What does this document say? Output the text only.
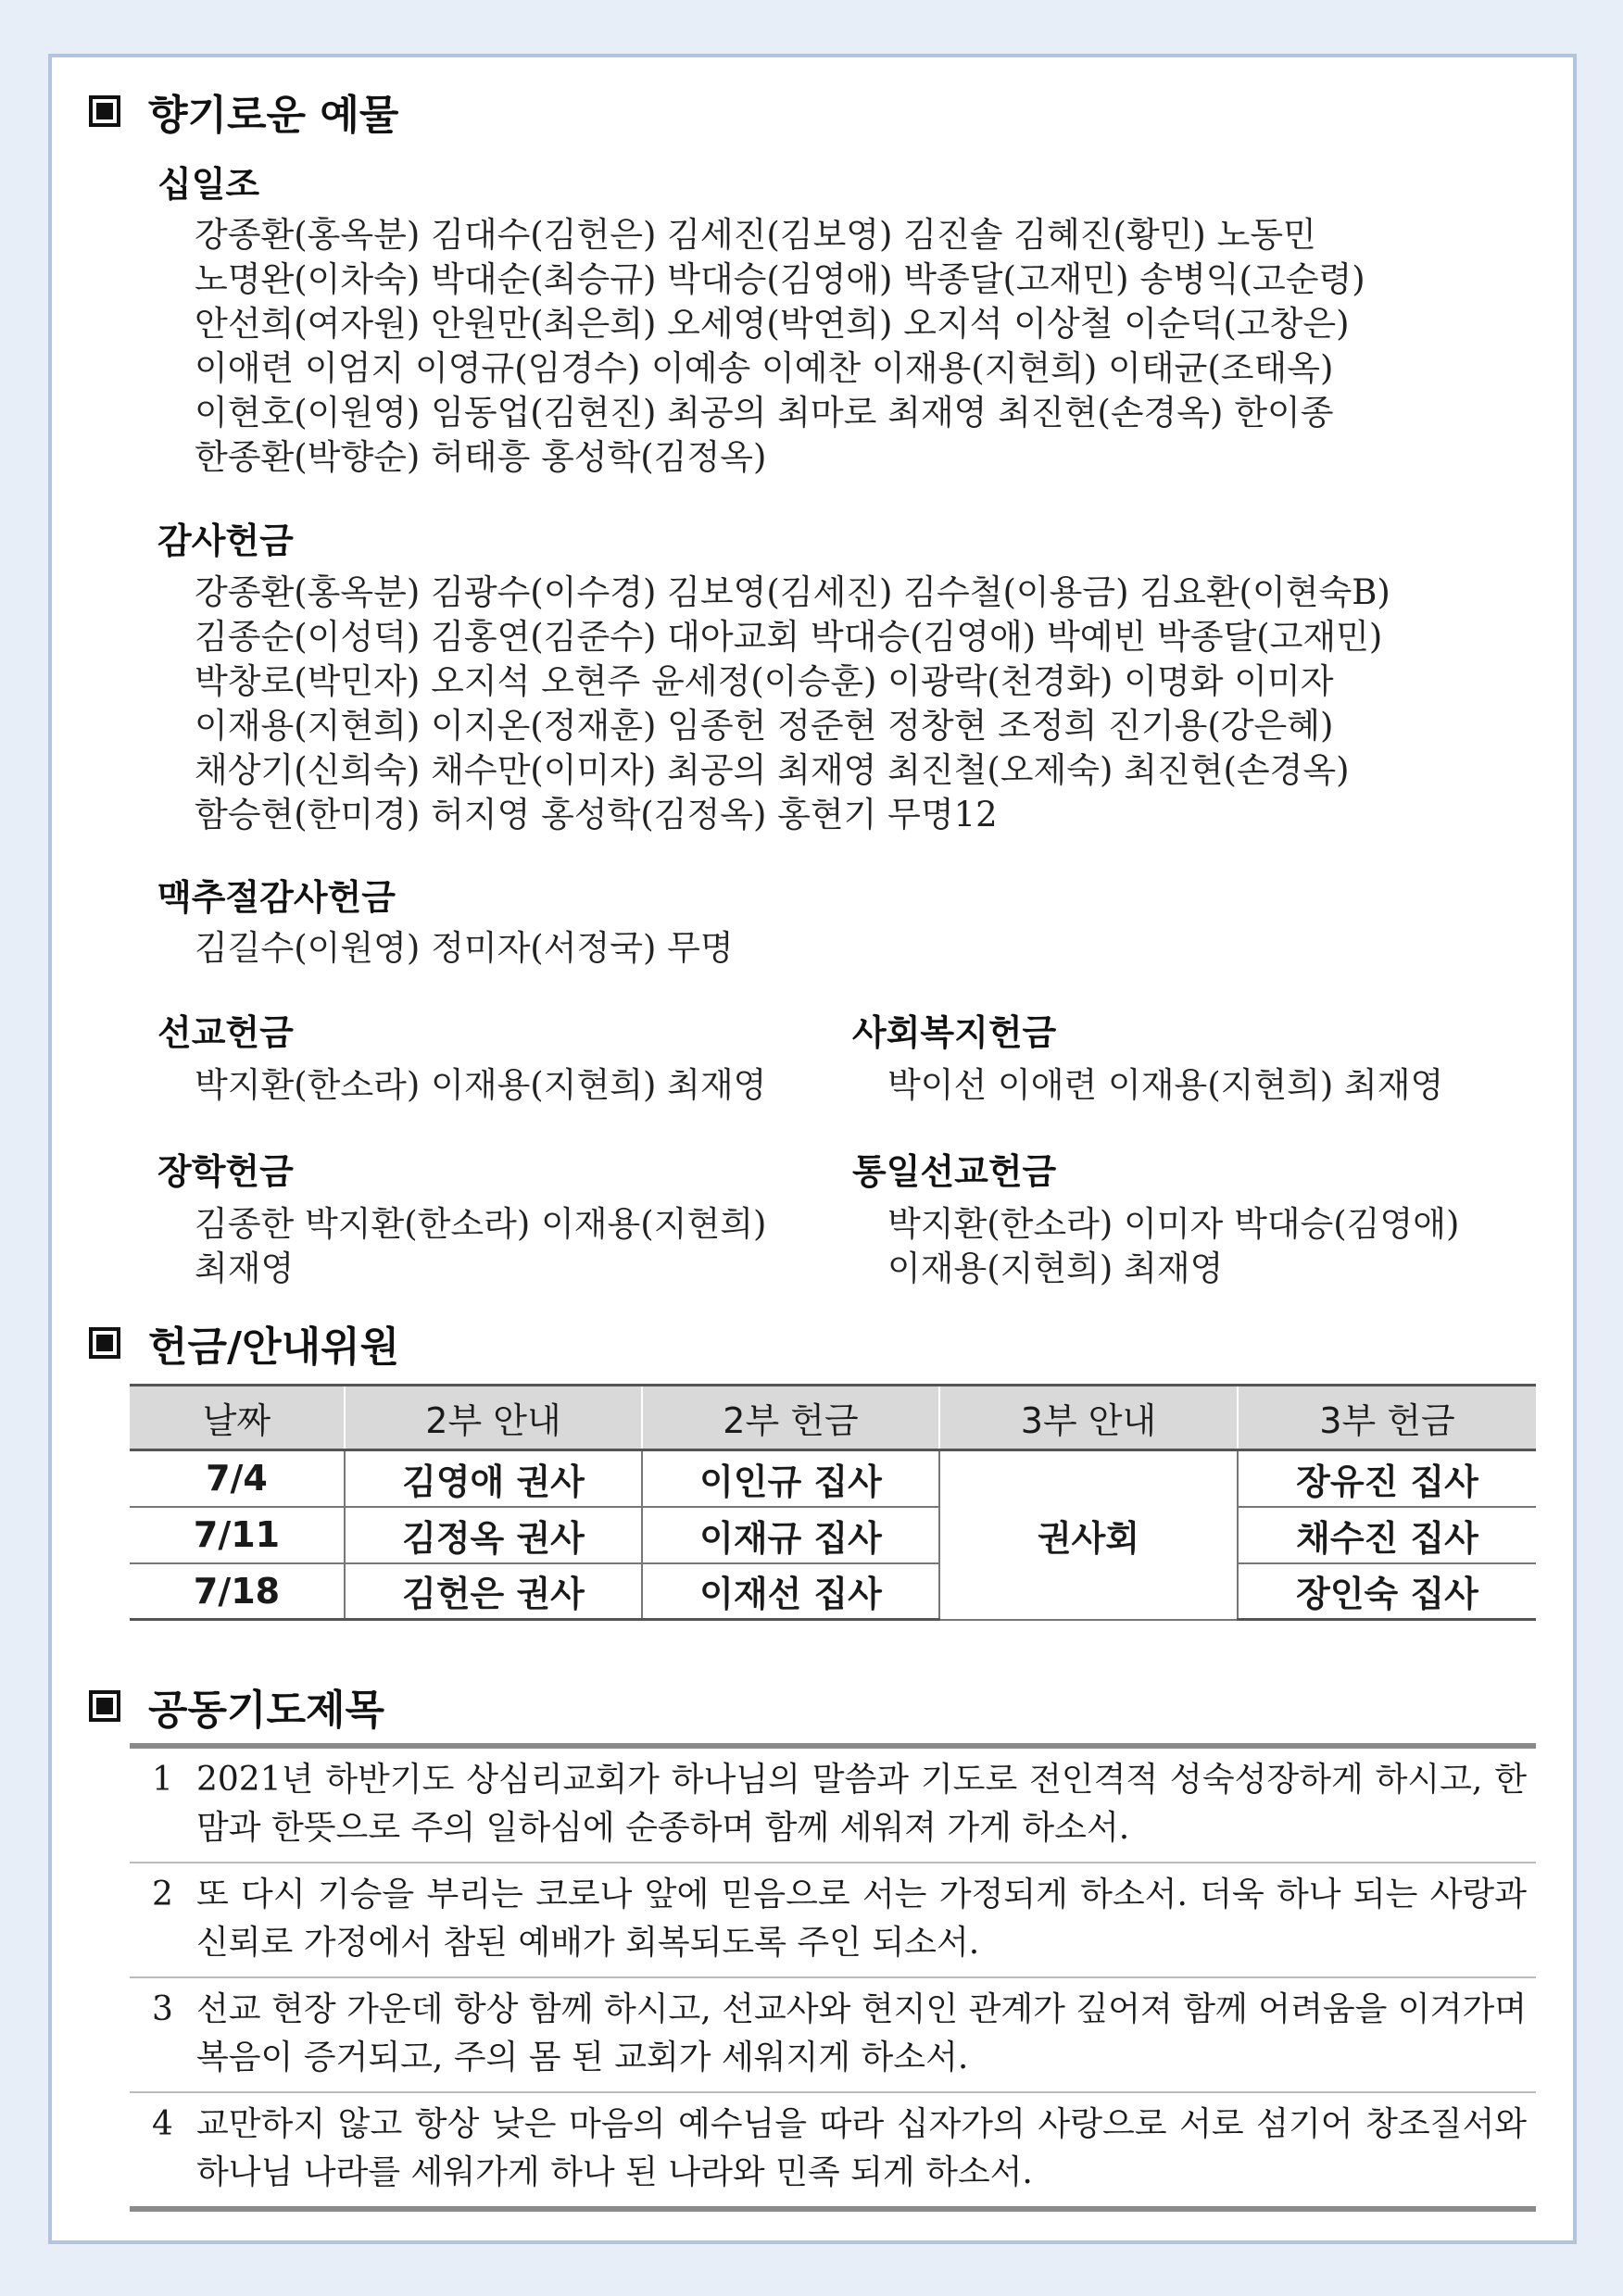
향기로운 예물
십일조
강종환(홍옥분) 김대수(김헌은) 김세진(김보영) 김진솔 김혜진(황민) 노동민
노명완(이차숙) 박대순(최승규) 박대승(김영애) 박종달(고재민) 송병익(고순령)
안선희(여자원) 안원만(최은희) 오세영(박연희) 오지석 이상철 이순덕(고창은)
이애련 이엄지 이영규(임경수) 이예송 이예찬 이재용(지현희) 이태균(조태옥)
이현호(이원영) 임동업(김현진) 최공의 최마로 최재영 최진현(손경옥) 한이종
한종환(박향순) 허태흥 홍성학(김정옥)
감사헌금
강종환(홍옥분) 김광수(이수경) 김보영(김세진) 김수철(이용금) 김요환(이현숙B)
김종순(이성덕) 김홍연(김준수) 대아교회 박대승(김영애) 박예빈 박종달(고재민)
박창로(박민자) 오지석 오현주 윤세정(이승훈) 이광락(천경화) 이명화 이미자
이재용(지현희) 이지온(정재훈) 임종헌 정준현 정창현 조정희 진기용(강은혜)
채상기(신희숙) 채수만(이미자) 최공의 최재영 최진철(오제숙) 최진현(손경옥)
함승현(한미경) 허지영 홍성학(김정옥) 홍현기 무명12
맥추절감사헌금
김길수(이원영) 정미자(서정국) 무명
선교헌금
박지환(한소라) 이재용(지현희) 최재영
사회복지헌금
박이선 이애련 이재용(지현희) 최재영
장학헌금
김종한 박지환(한소라) 이재용(지현희)
최재영
통일선교헌금
박지환(한소라) 이미자 박대승(김영애)
이재용(지현희) 최재영
헌금/안내위원
날짜	2부 안내	2부 헌금	3부 안내	3부 헌금
7/4	김영애 권사	이인규 집사	권사회	장유진 집사
7/11	김정옥 권사	이재규 집사		채수진 집사
7/18	김헌은 권사	이재선 집사		장인숙 집사
공동기도제목
1 2021년 하반기도 상심리교회가 하나님의 말씀과 기도로 전인격적 성숙성장하게 하시고, 한맘과 한뜻으로 주의 일하심에 순종하며 함께 세워져 가게 하소서.
2 또 다시 기승을 부리는 코로나 앞에 믿음으로 서는 가정되게 하소서. 더욱 하나 되는 사랑과 신뢰로 가정에서 참된 예배가 회복되도록 주인 되소서.
3 선교 현장 가운데 항상 함께 하시고, 선교사와 현지인 관계가 깊어져 함께 어려움을 이겨가며 복음이 증거되고, 주의 몸 된 교회가 세워지게 하소서.
4 교만하지 않고 항상 낮은 마음의 예수님을 따라 십자가의 사랑으로 서로 섬기어 창조질서와 하나님 나라를 세워가게 하나 된 나라와 민족 되게 하소서.
